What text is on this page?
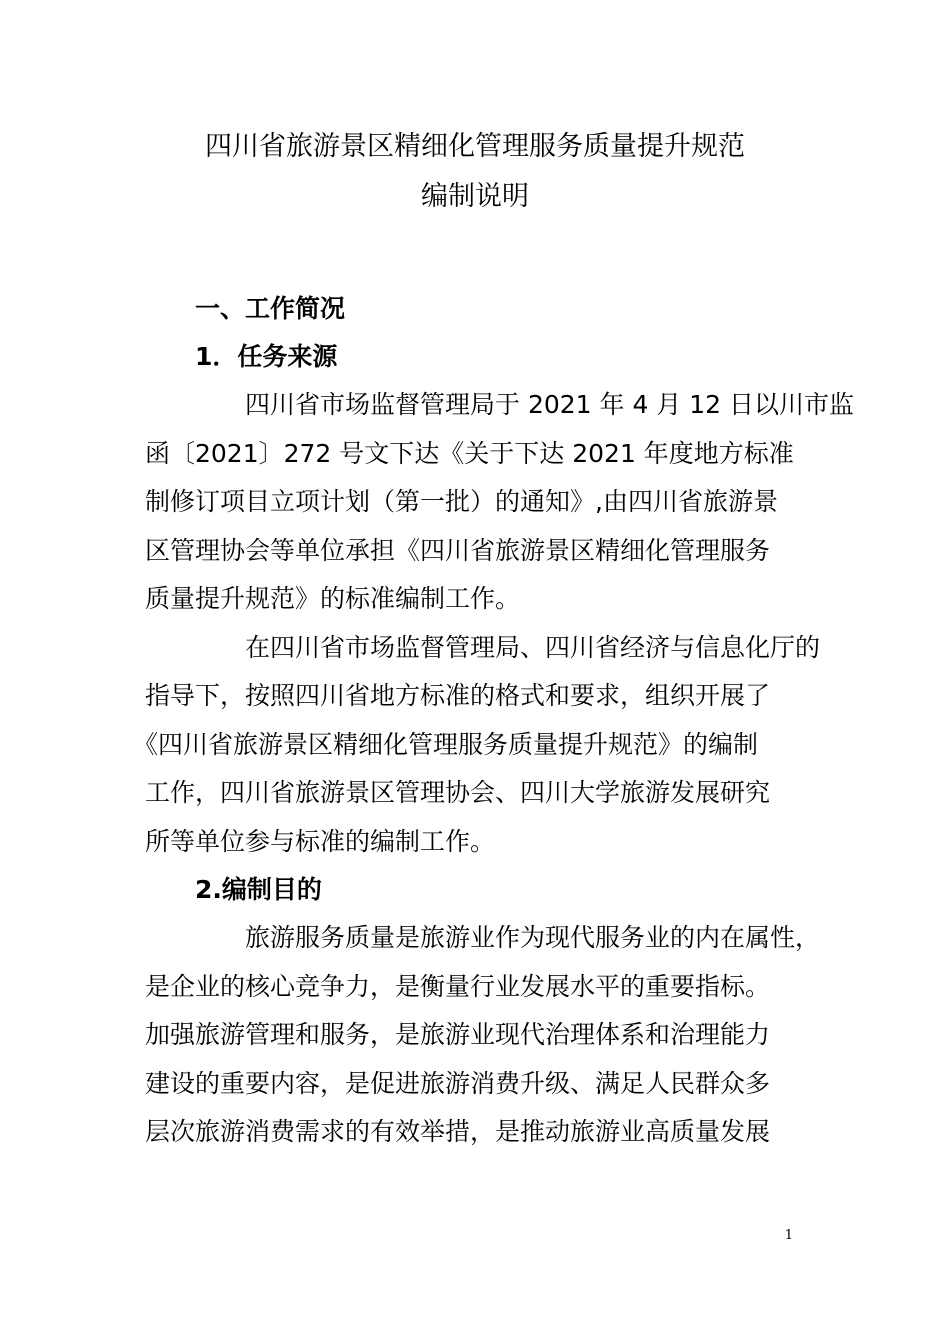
四川省旅游景区精细化管理服务质量提升规范
编制说明
一、工作简况
1．任务来源
四川省市场监督管理局于 2021 年 4 月 12 日以川市监
函〔2021〕272 号文下达《关于下达 2021 年度地方标准
制修订项目立项计划（第一批）的通知》,由四川省旅游景
区管理协会等单位承担《四川省旅游景区精细化管理服务
质量提升规范》的标准编制工作。
在四川省市场监督管理局、四川省经济与信息化厅的
指导下，按照四川省地方标准的格式和要求，组织开展了
《四川省旅游景区精细化管理服务质量提升规范》的编制
工作，四川省旅游景区管理协会、四川大学旅游发展研究
所等单位参与标准的编制工作。
2.编制目的
旅游服务质量是旅游业作为现代服务业的内在属性，
是企业的核心竞争力，是衡量行业发展水平的重要指标。
加强旅游管理和服务，是旅游业现代治理体系和治理能力
建设的重要内容，是促进旅游消费升级、满足人民群众多
层次旅游消费需求的有效举措，是推动旅游业高质量发展
1
